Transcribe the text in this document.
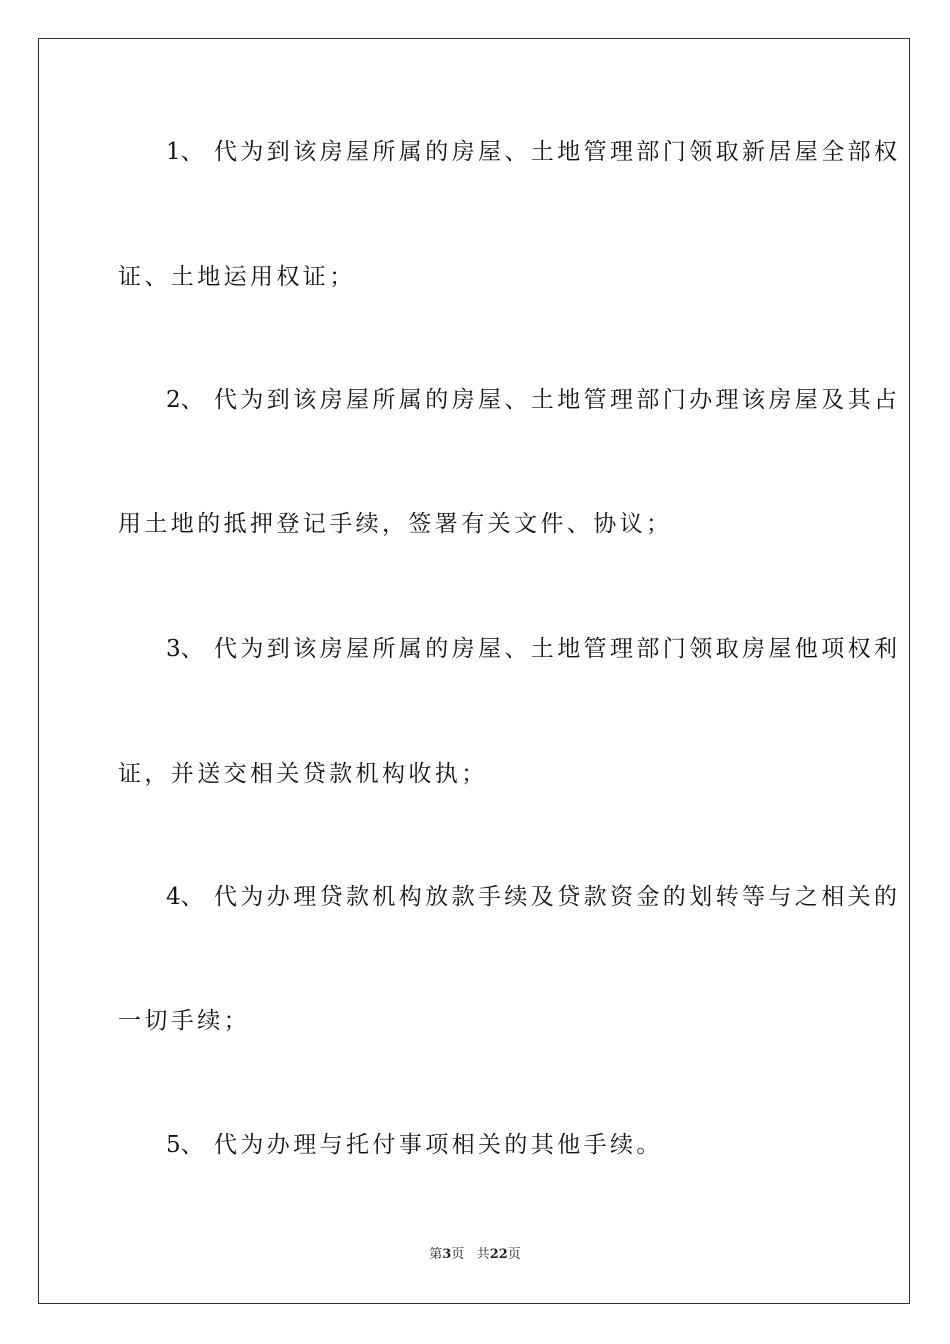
1、 代为到该房屋所属的房屋、土地管理部门领取新居屋全部权
证、土地运用权证；
2、 代为到该房屋所属的房屋、土地管理部门办理该房屋及其占
用土地的抵押登记手续，签署有关文件、协议；
3、 代为到该房屋所属的房屋、土地管理部门领取房屋他项权利
证，并送交相关贷款机构收执；
4、 代为办理贷款机构放款手续及贷款资金的划转等与之相关的
一切手续；
5、 代为办理与托付事项相关的其他手续。
第3页 共22页
